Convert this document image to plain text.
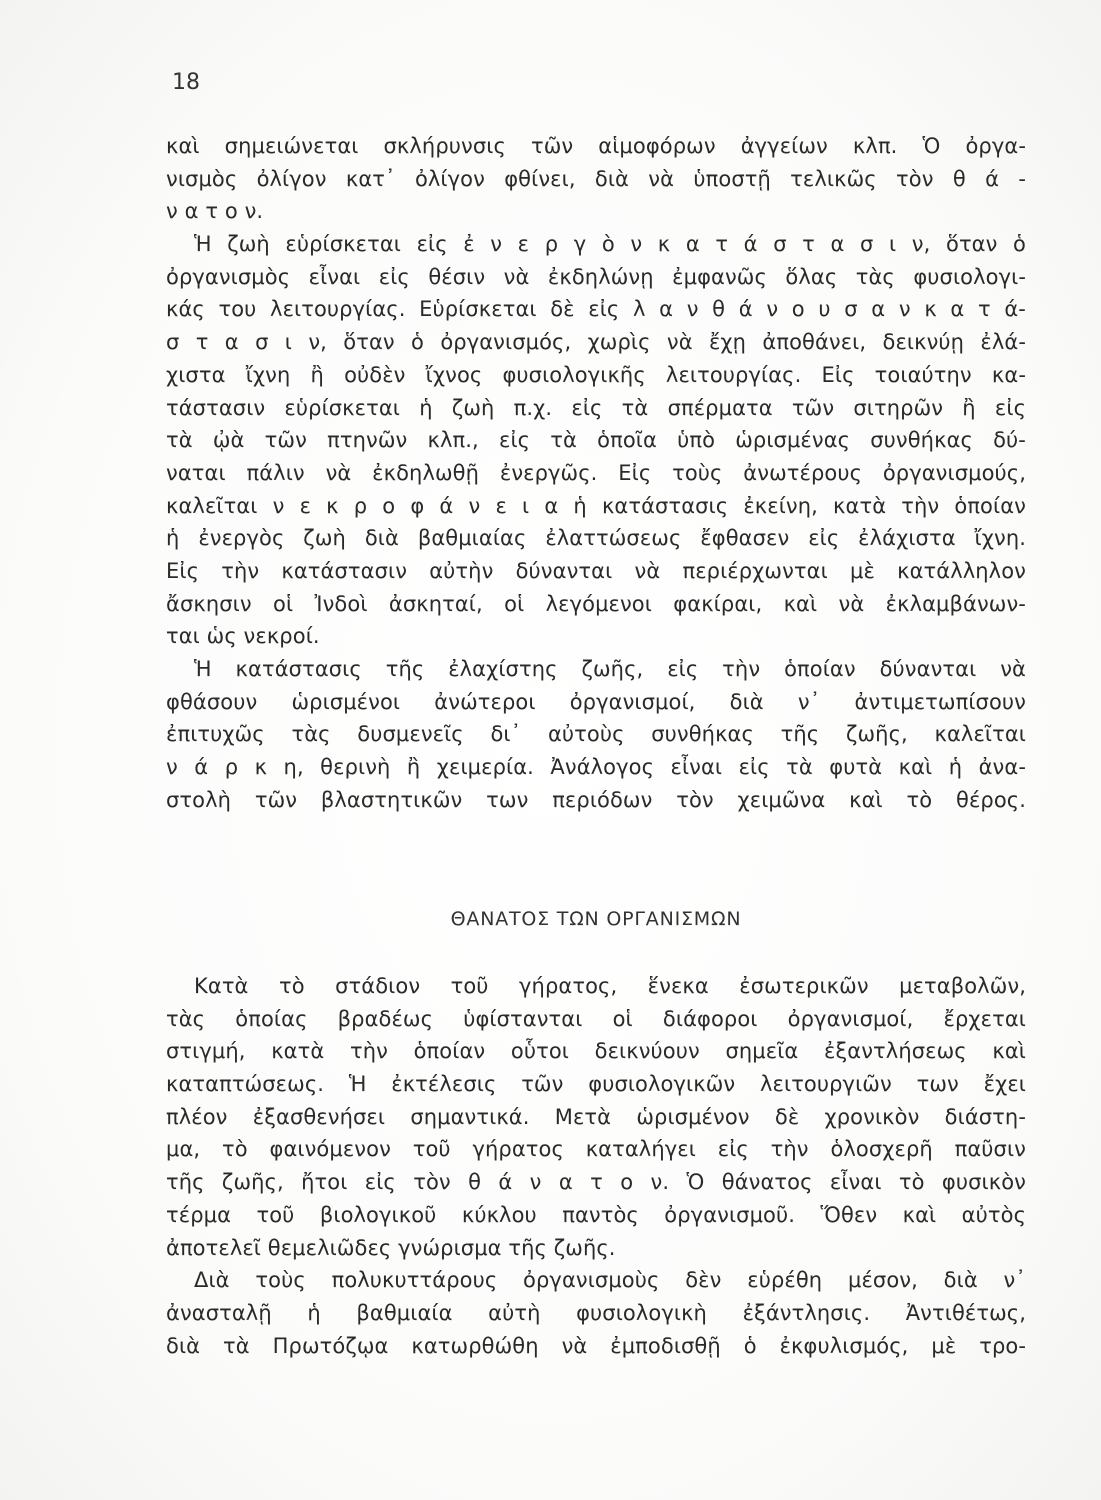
18
καὶ σημειώνεται σκλήρυνσις τῶν αἱμοφόρων ἀγγείων κλπ. Ὁ ὀργα-
νισμὸς ὀλίγον κατ᾽ ὀλίγον φθίνει, διὰ νὰ ὑποστῇ τελικῶς τὸν θ ά -
ν α τ ο ν.
Ἡ ζωὴ εὑρίσκεται εἰς ἐ ν ε ρ γ ὸ ν κ α τ ά σ τ α σ ι ν, ὅταν ὁ
ὀργανισμὸς εἶναι εἰς θέσιν νὰ ἐκδηλώνῃ ἐμφανῶς ὅλας τὰς φυσιολογι-
κάς του λειτουργίας. Εὑρίσκεται δὲ εἰς λ α ν θ ά ν ο υ σ α ν κ α τ ά-
σ τ α σ ι ν, ὅταν ὁ ὀργανισμός, χωρὶς νὰ ἔχῃ ἀποθάνει, δεικνύῃ ἐλά-
χιστα ἴχνη ἢ οὐδὲν ἴχνος φυσιολογικῆς λειτουργίας. Εἰς τοιαύτην κα-
τάστασιν εὑρίσκεται ἡ ζωὴ π.χ. εἰς τὰ σπέρματα τῶν σιτηρῶν ἢ εἰς
τὰ ᾠὰ τῶν πτηνῶν κλπ., εἰς τὰ ὁποῖα ὑπὸ ὡρισμένας συνθήκας δύ-
ναται πάλιν νὰ ἐκδηλωθῇ ἐνεργῶς. Εἰς τοὺς ἀνωτέρους ὀργανισμούς,
καλεῖται ν ε κ ρ ο φ ά ν ε ι α ἡ κατάστασις ἐκείνη, κατὰ τὴν ὁποίαν
ἡ ἐνεργὸς ζωὴ διὰ βαθμιαίας ἐλαττώσεως ἔφθασεν εἰς ἐλάχιστα ἴχνη.
Εἰς τὴν κατάστασιν αὐτὴν δύνανται νὰ περιέρχωνται μὲ κατάλληλον
ἄσκησιν οἱ Ἰνδοὶ ἀσκηταί, οἱ λεγόμενοι φακίραι, καὶ νὰ ἐκλαμβάνων-
ται ὡς νεκροί.
Ἡ κατάστασις τῆς ἐλαχίστης ζωῆς, εἰς τὴν ὁποίαν δύνανται νὰ
φθάσουν ὡρισμένοι ἀνώτεροι ὀργανισμοί, διὰ ν᾽ ἀντιμετωπίσουν
ἐπιτυχῶς τὰς δυσμενεῖς δι᾽ αὐτοὺς συνθήκας τῆς ζωῆς, καλεῖται
ν ά ρ κ η, θερινὴ ἢ χειμερία. Ἀνάλογος εἶναι εἰς τὰ φυτὰ καὶ ἡ ἀνα-
στολὴ τῶν βλαστητικῶν των περιόδων τὸν χειμῶνα καὶ τὸ θέρος.
ΘΑΝΑΤΟΣ ΤΩΝ ΟΡΓΑΝΙΣΜΩΝ
Κατὰ τὸ στάδιον τοῦ γήρατος, ἕνεκα ἐσωτερικῶν μεταβολῶν,
τὰς ὁποίας βραδέως ὑφίστανται οἱ διάφοροι ὀργανισμοί, ἔρχεται
στιγμή, κατὰ τὴν ὁποίαν οὗτοι δεικνύουν σημεῖα ἐξαντλήσεως καὶ
καταπτώσεως. Ἡ ἐκτέλεσις τῶν φυσιολογικῶν λειτουργιῶν των ἔχει
πλέον ἐξασθενήσει σημαντικά. Μετὰ ὡρισμένον δὲ χρονικὸν διάστη-
μα, τὸ φαινόμενον τοῦ γήρατος καταλήγει εἰς τὴν ὁλοσχερῆ παῦσιν
τῆς ζωῆς, ἤτοι εἰς τὸν θ ά ν α τ ο ν. Ὁ θάνατος εἶναι τὸ φυσικὸν
τέρμα τοῦ βιολογικοῦ κύκλου παντὸς ὀργανισμοῦ. Ὅθεν καὶ αὐτὸς
ἀποτελεῖ θεμελιῶδες γνώρισμα τῆς ζωῆς.
Διὰ τοὺς πολυκυττάρους ὀργανισμοὺς δὲν εὑρέθη μέσον, διὰ ν᾽
ἀνασταλῇ ἡ βαθμιαία αὐτὴ φυσιολογικὴ ἐξάντλησις. Ἀντιθέτως,
διὰ τὰ Πρωτόζῳα κατωρθώθη νὰ ἐμποδισθῇ ὁ ἐκφυλισμός, μὲ τρο-
